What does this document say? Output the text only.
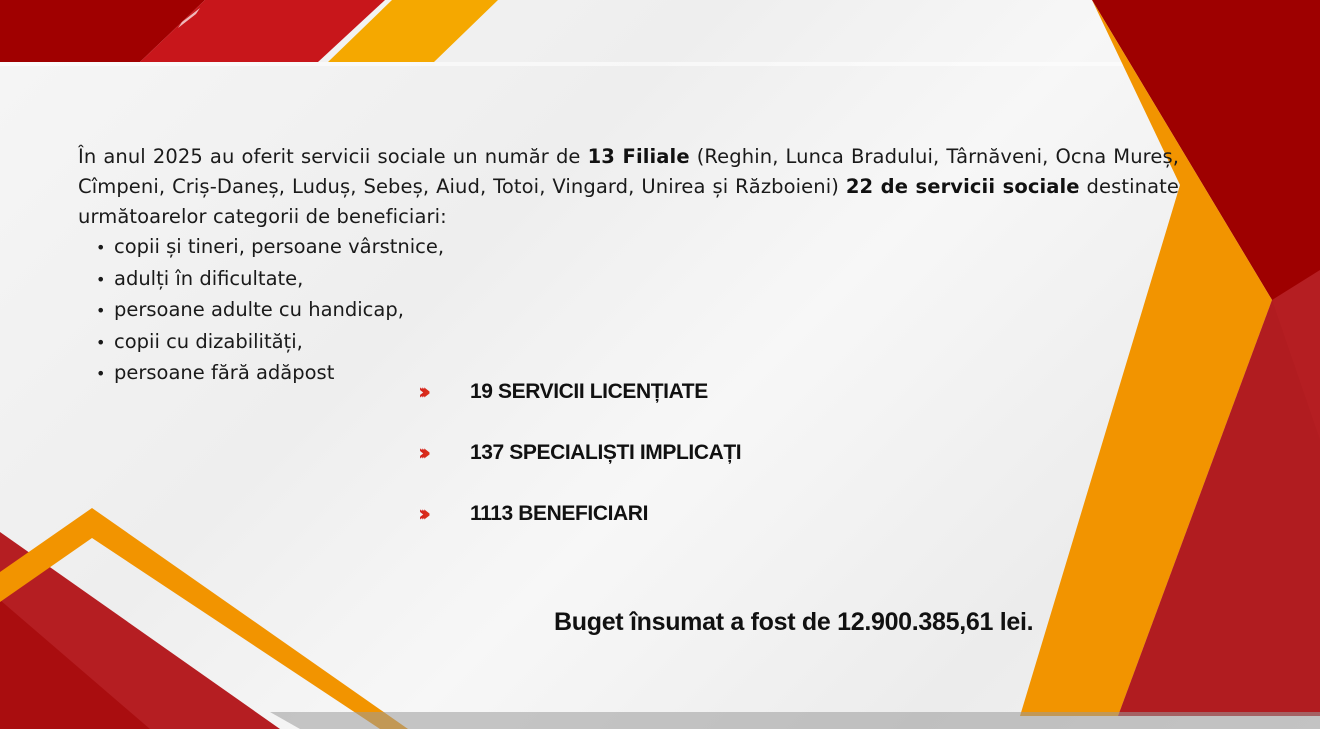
În anul 2025 au oferit servicii sociale un număr de 13 Filiale (Reghin, Lunca Bradului, Târnăveni, Ocna Mureș, Cîmpeni, Criș-Daneș, Luduș, Sebeș, Aiud, Totoi, Vingard, Unirea și Războieni) 22 de servicii sociale destinate următoarelor categorii de beneficiari:
• copii și tineri, persoane vârstnice,
• adulți în dificultate,
• persoane adulte cu handicap,
• copii cu dizabilități,
• persoane fără adăpost
›››	19 SERVICII LICENȚIATE
›››	137 SPECIALIȘTI IMPLICAȚI
›››	1113 BENEFICIARI
Buget însumat a fost de 12.900.385,61 lei.
